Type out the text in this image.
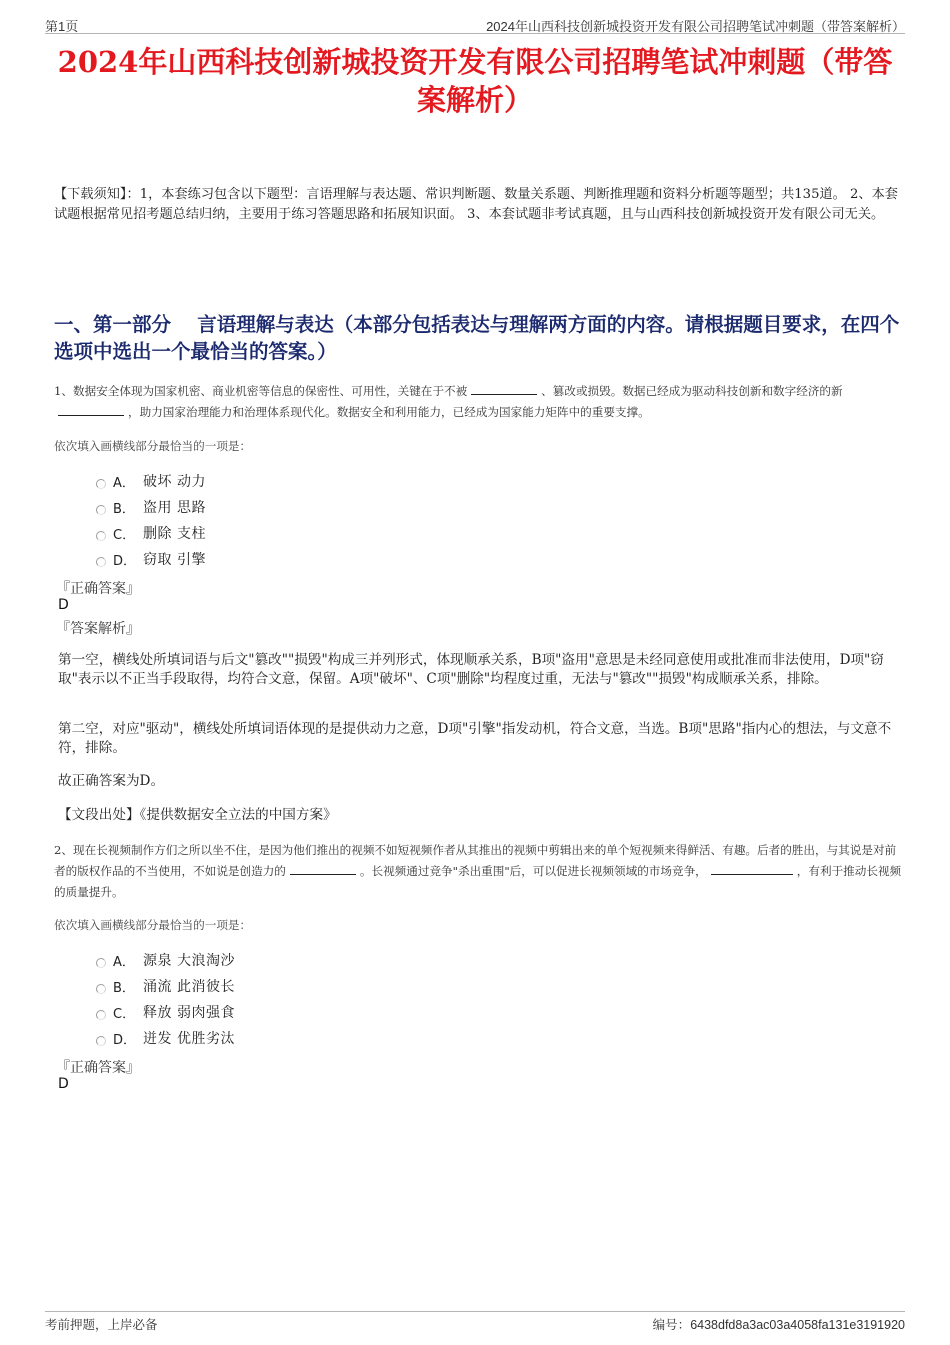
第1页	2024年山西科技创新城投资开发有限公司招聘笔试冲刺题（带答案解析）
2024年山西科技创新城投资开发有限公司招聘笔试冲刺题（带答案解析）

【下载须知】：1，本套练习包含以下题型：言语理解与表达题、常识判断题、数量关系题、判断推理题和资料分析题等题型；共135道。 2、本套试题根据常见招考题总结归纳，主要用于练习答题思路和拓展知识面。 3、本套试题非考试真题，且与山西科技创新城投资开发有限公司无关。

一、第一部分　 言语理解与表达（本部分包括表达与理解两方面的内容。请根据题目要求，在四个选项中选出一个最恰当的答案。）
1、数据安全体现为国家机密、商业机密等信息的保密性、可用性，关键在于不被	、篡改或损毁。数据已经成为驱动科技创新和数字经济的新，助力国家治理能力和治理体系现代化。数据安全和利用能力，已经成为国家能力矩阵中的重要支撑。
依次填入画横线部分最恰当的一项是：
A． 破坏 动力
B． 盗用 思路
C． 删除 支柱
D． 窃取 引擎
『正确答案』
D
『答案解析』

第一空，横线处所填词语与后文"篡改""损毁"构成三并列形式，体现顺承关系，B项"盗用"意思是未经同意使用或批准而非法使用，D项"窃取"表示以不正当手段取得，均符合文意，保留。A项"破坏"、C项"删除"均程度过重，无法与"篡改""损毁"构成顺承关系，排除。

第二空，对应"驱动"，横线处所填词语体现的是提供动力之意，D项"引擎"指发动机，符合文意，当选。B项"思路"指内心的想法，与文意不符，排除。

故正确答案为D。

【文段出处】《提供数据安全立法的中国方案》

2、现在长视频制作方们之所以坐不住，是因为他们推出的视频不如短视频作者从其推出的视频中剪辑出来的单个短视频来得鲜活、有趣。后者的胜出，与其说是对前者的版权作品的不当使用，不如说是创造力的	。长视频通过竞争"杀出重围"后，可以促进长视频领域的市场竞争，	，有利于推动长视频的质量提升。
依次填入画横线部分最恰当的一项是：
A． 源泉 大浪淘沙
B． 涌流 此消彼长
C． 释放 弱肉强食
D． 迸发 优胜劣汰
『正确答案』
D
考前押题，上岸必备	编号：6438dfd8a3ac03a4058fa131e3191920
